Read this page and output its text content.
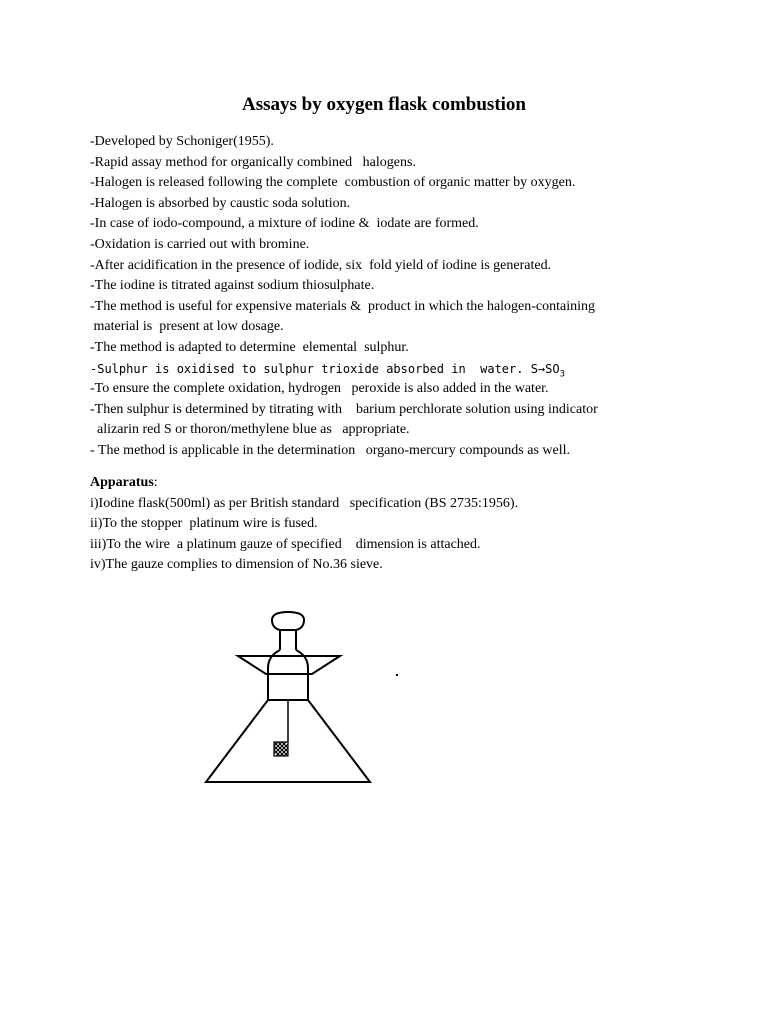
Assays by oxygen flask combustion
-Developed by Schoniger(1955).
-Rapid assay method for organically combined   halogens.
-Halogen is released following the complete  combustion of organic matter by oxygen.
-Halogen is absorbed by caustic soda solution.
-In case of iodo-compound, a mixture of iodine &  iodate are formed.
-Oxidation is carried out with bromine.
-After acidification in the presence of iodide, six  fold yield of iodine is generated.
-The iodine is titrated against sodium thiosulphate.
-The method is useful for expensive materials &  product in which the halogen-containing
material is  present at low dosage.
-The method is adapted to determine  elemental  sulphur.
-Sulphur is oxidised to sulphur trioxide absorbed in  water. $S\to SO_3$
-To ensure the complete oxidation, hydrogen   peroxide is also added in the water.
-Then sulphur is determined by titrating with    barium perchlorate solution using indicator
alizarin red S or thoron/methylene blue as   appropriate.
- The method is applicable in the determination   organo-mercury compounds as well.

Apparatus:

i)Iodine flask(500ml) as per British standard   specification (BS 2735:1956).
ii)To the stopper  platinum wire is fused.
iii)To the wire  a platinum gauze of specified    dimension is attached.
iv)The gauze complies to dimension of No.36 sieve.
